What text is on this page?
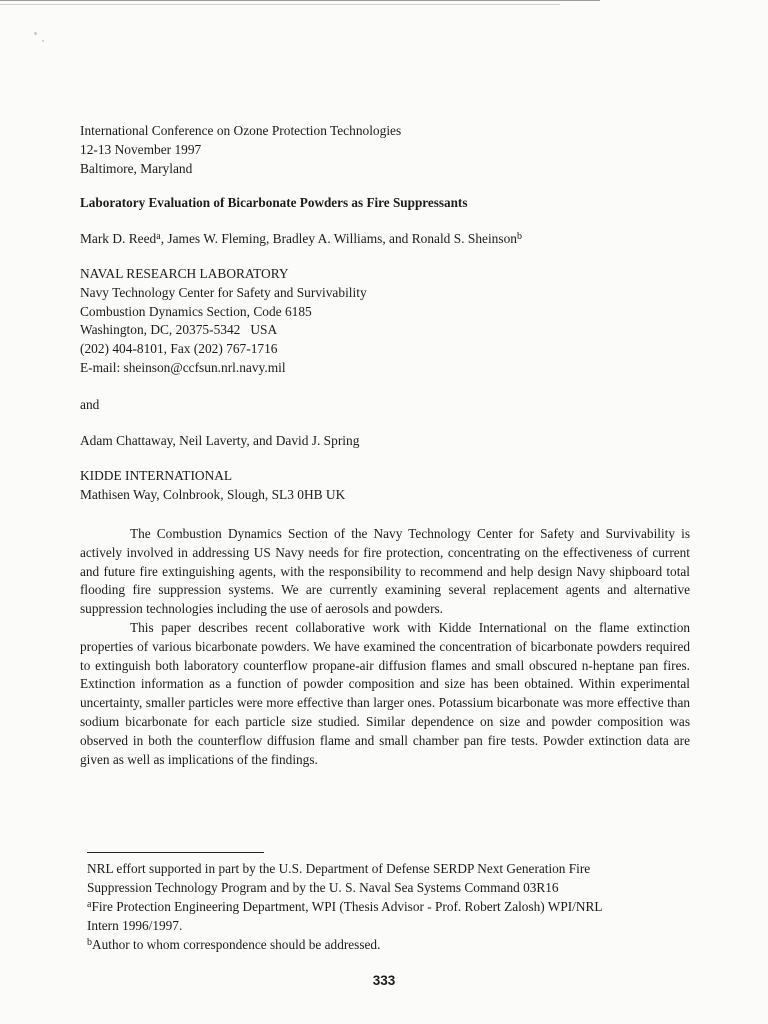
International Conference on Ozone Protection Technologies
12-13 November 1997
Baltimore, Maryland
Laboratory Evaluation of Bicarbonate Powders as Fire Suppressants
Mark D. Reed$^a$, James W. Fleming, Bradley A. Williams, and Ronald S. Sheinson$^b$
NAVAL RESEARCH LABORATORY
Navy Technology Center for Safety and Survivability
Combustion Dynamics Section, Code 6185
Washington, DC, 20375-5342   USA
(202) 404-8101, Fax (202) 767-1716
E-mail: sheinson@ccfsun.nrl.navy.mil
and
Adam Chattaway, Neil Laverty, and David J. Spring
KIDDE INTERNATIONAL
Mathisen Way, Colnbrook, Slough, SL3 0HB UK

The Combustion Dynamics Section of the Navy Technology Center for Safety and Survivability is actively involved in addressing US Navy needs for fire protection, concentrating on the effectiveness of current and future fire extinguishing agents, with the responsibility to recommend and help design Navy shipboard total flooding fire suppression systems. We are currently examining several replacement agents and alternative suppression technologies including the use of aerosols and powders.

This paper describes recent collaborative work with Kidde International on the flame extinction properties of various bicarbonate powders. We have examined the concentration of bicarbonate powders required to extinguish both laboratory counterflow propane-air diffusion flames and small obscured n-heptane pan fires. Extinction information as a function of powder composition and size has been obtained. Within experimental uncertainty, smaller particles were more effective than larger ones. Potassium bicarbonate was more effective than sodium bicarbonate for each particle size studied. Similar dependence on size and powder composition was observed in both the counterflow diffusion flame and small chamber pan fire tests. Powder extinction data are given as well as implications of the findings.

NRL effort supported in part by the U.S. Department of Defense SERDP Next Generation Fire
Suppression Technology Program and by the U. S. Naval Sea Systems Command 03R16
$^a$Fire Protection Engineering Department, WPI (Thesis Advisor - Prof. Robert Zalosh) WPI/NRL
Intern 1996/1997.
$^b$Author to whom correspondence should be addressed.
333
